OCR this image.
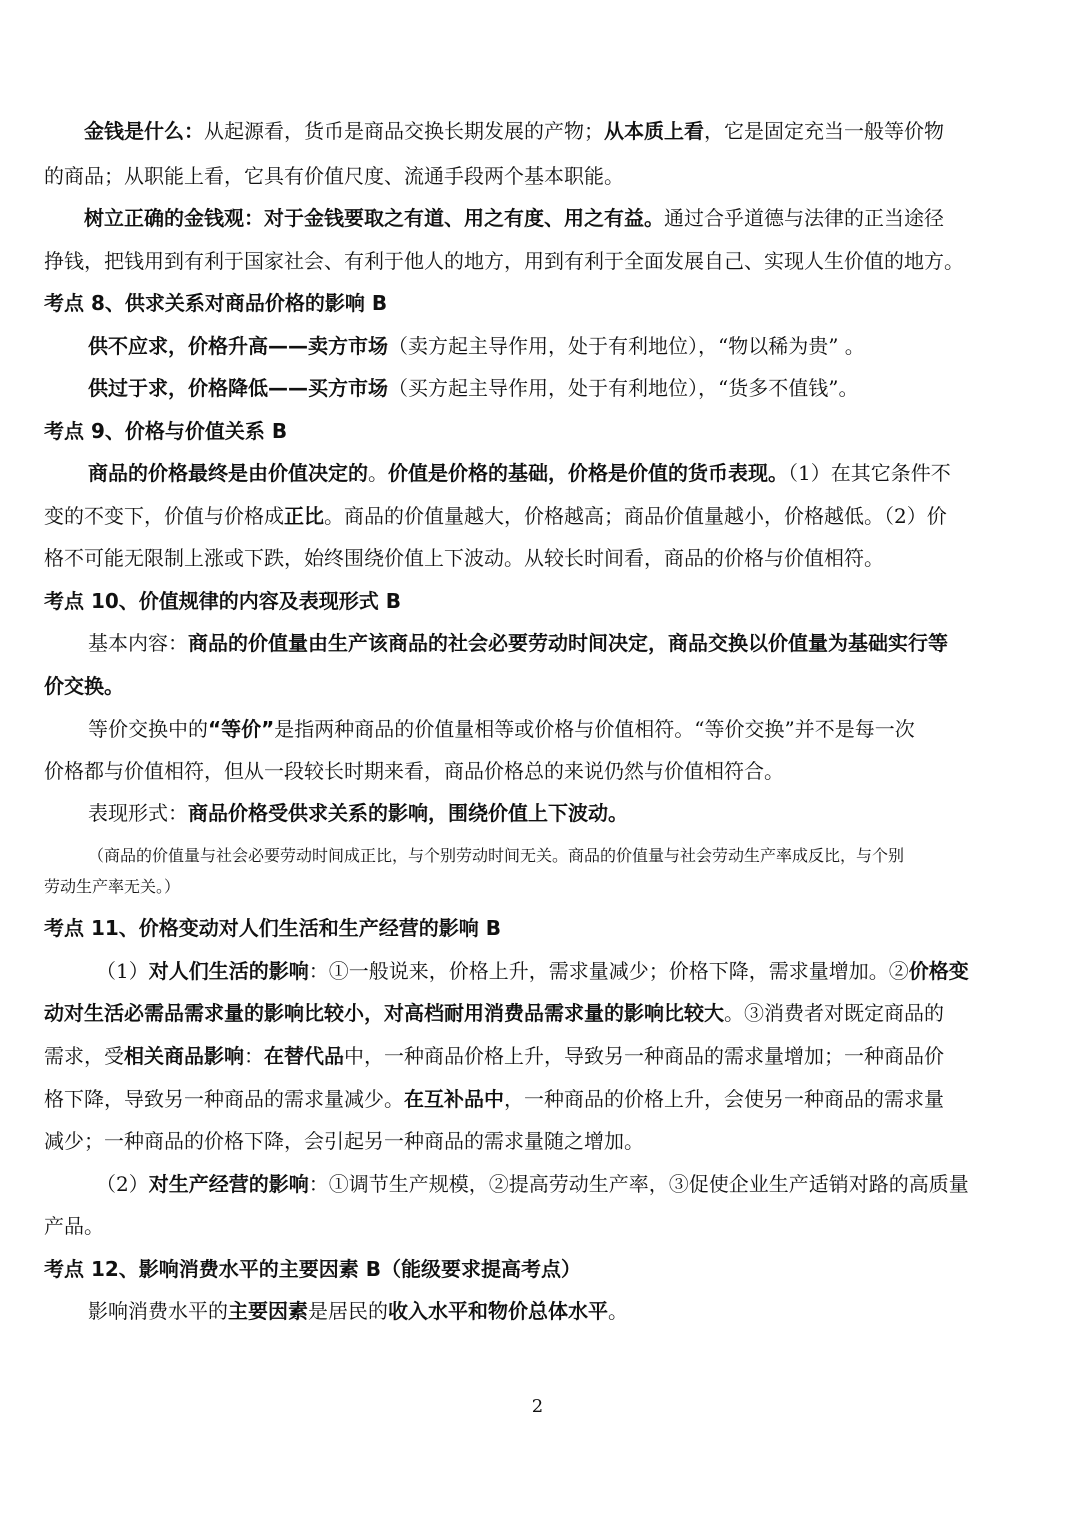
金钱是什么：从起源看，货币是商品交换长期发展的产物；从本质上看，它是固定充当一般等价物
的商品；从职能上看，它具有价值尺度、流通手段两个基本职能。
树立正确的金钱观：对于金钱要取之有道、用之有度、用之有益。通过合乎道德与法律的正当途径
挣钱，把钱用到有利于国家社会、有利于他人的地方，用到有利于全面发展自己、实现人生价值的地方。
考点 8、供求关系对商品价格的影响 B
供不应求，价格升高——卖方市场（卖方起主导作用，处于有利地位），“物以稀为贵” 。
供过于求，价格降低——买方市场（买方起主导作用，处于有利地位），“货多不值钱”。
考点 9、价格与价值关系 B
商品的价格最终是由价值决定的。价值是价格的基础，价格是价值的货币表现。（1）在其它条件不
变的不变下，价值与价格成正比。商品的价值量越大，价格越高；商品价值量越小，价格越低。（2）价
格不可能无限制上涨或下跌，始终围绕价值上下波动。从较长时间看，商品的价格与价值相符。
考点 10、价值规律的内容及表现形式 B
基本内容：商品的价值量由生产该商品的社会必要劳动时间决定，商品交换以价值量为基础实行等
价交换。
等价交换中的“等价”是指两种商品的价值量相等或价格与价值相符。“等价交换”并不是每一次
价格都与价值相符，但从一段较长时期来看，商品价格总的来说仍然与价值相符合。
表现形式：商品价格受供求关系的影响，围绕价值上下波动。
（商品的价值量与社会必要劳动时间成正比，与个别劳动时间无关。商品的价值量与社会劳动生产率成反比，与个别
劳动生产率无关。）
考点 11、价格变动对人们生活和生产经营的影响 B
（1）对人们生活的影响：①一般说来，价格上升，需求量减少；价格下降，需求量增加。②价格变
动对生活必需品需求量的影响比较小，对高档耐用消费品需求量的影响比较大。③消费者对既定商品的
需求，受相关商品影响：在替代品中，一种商品价格上升，导致另一种商品的需求量增加；一种商品价
格下降，导致另一种商品的需求量减少。在互补品中，一种商品的价格上升，会使另一种商品的需求量
减少；一种商品的价格下降，会引起另一种商品的需求量随之增加。
（2）对生产经营的影响：①调节生产规模，②提高劳动生产率，③促使企业生产适销对路的高质量
产品。
考点 12、影响消费水平的主要因素 B（能级要求提高考点）
影响消费水平的主要因素是居民的收入水平和物价总体水平。
2
